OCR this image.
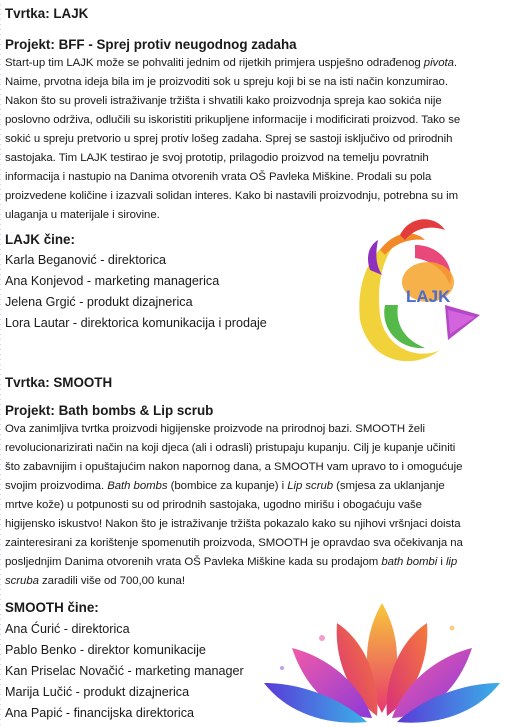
Tvrtka: LAJK
Projekt: BFF - Sprej protiv neugodnog zadaha
Start-up tim LAJK može se pohvaliti jednim od rijetkih primjera uspješno odrađenog pivota.
Naime, prvotna ideja bila im je proizvoditi sok u spreju koji bi se na isti način konzumirao.
Nakon što su proveli istraživanje tržišta i shvatili kako proizvodnja spreja kao sokića nije
poslovno održiva, odlučili su iskoristiti prikupljene informacije i modificirati proizvod. Tako se
sokić u spreju pretvorio u sprej protiv lošeg zadaha. Sprej se sastoji isključivo od prirodnih
sastojaka. Tim LAJK testirao je svoj prototip, prilagodio proizvod na temelju povratnih
informacija i nastupio na Danima otvorenih vrata OŠ Pavleka Miškine. Prodali su pola
proizvedene količine i izazvali solidan interes. Kako bi nastavili proizvodnju, potrebna su im
ulaganja u materijale i sirovine.
LAJK čine:
Karla Beganović - direktorica
Ana Konjevod - marketing managerica
Jelena Grgić - produkt dizajnerica
Lora Lautar - direktorica komunikacija i prodaje
LAJK
Tvrtka: SMOOTH
Projekt: Bath bombs & Lip scrub
Ova zanimljiva tvrtka proizvodi higijenske proizvode na prirodnoj bazi. SMOOTH želi
revolucionarizirati način na koji djeca (ali i odrasli) pristupaju kupanju. Cilj je kupanje učiniti
što zabavnijim i opuštajućim nakon napornog dana, a SMOOTH vam upravo to i omogućuje
svojim proizvodima. Bath bombs (bombice za kupanje) i Lip scrub (smjesa za uklanjanje
mrtve kože) u potpunosti su od prirodnih sastojaka, ugodno mirišu i obogaćuju vaše
higijensko iskustvo! Nakon što je istraživanje tržišta pokazalo kako su njihovi vršnjaci doista
zainteresirani za korištenje spomenutih proizvoda, SMOOTH je opravdao sva očekivanja na
posljednjim Danima otvorenih vrata OŠ Pavleka Miškine kada su prodajom bath bombi i lip
scruba zaradili više od 700,00 kuna!
SMOOTH čine:
Ana Ćurić - direktorica
Pablo Benko - direktor komunikacije
Kan Priselac Novačić - marketing manager
Marija Lučić - produkt dizajnerica
Ana Papić - financijska direktorica
